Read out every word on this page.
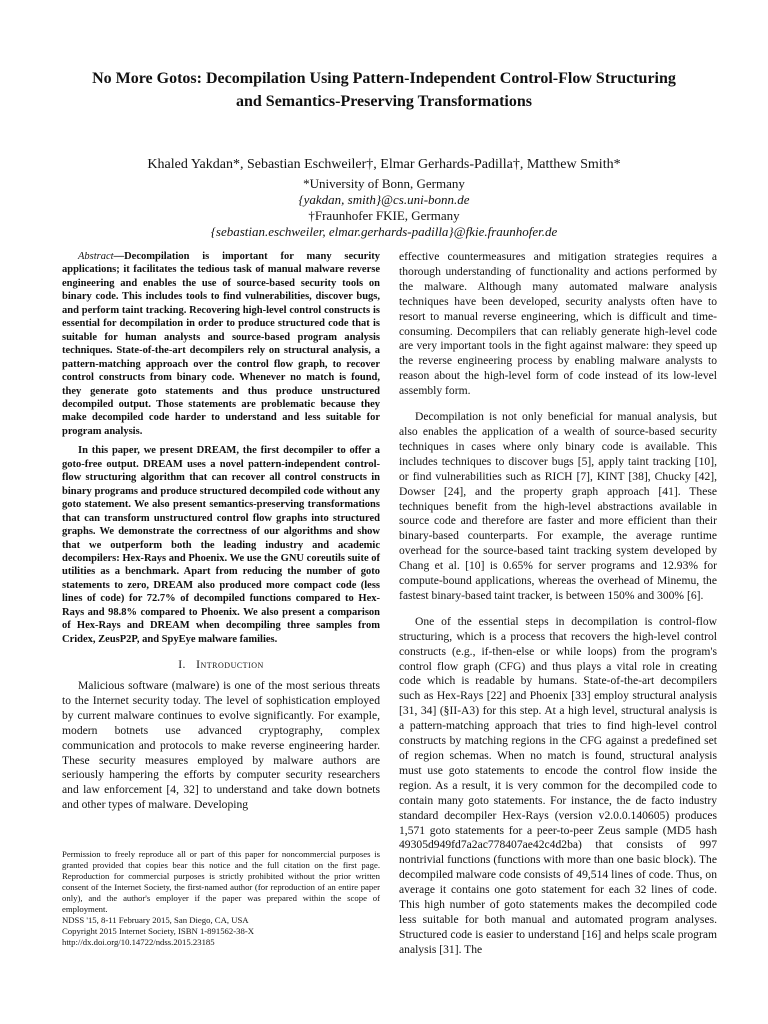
No More Gotos: Decompilation Using Pattern-Independent Control-Flow Structuring
and Semantics-Preserving Transformations
Khaled Yakdan*, Sebastian Eschweiler†, Elmar Gerhards-Padilla†, Matthew Smith*
*University of Bonn, Germany
{yakdan, smith}@cs.uni-bonn.de
†Fraunhofer FKIE, Germany
{sebastian.eschweiler, elmar.gerhards-padilla}@fkie.fraunhofer.de

Abstract—Decompilation is important for many security applications; it facilitates the tedious task of manual malware reverse engineering and enables the use of source-based security tools on binary code. This includes tools to find vulnerabilities, discover bugs, and perform taint tracking. Recovering high-level control constructs is essential for decompilation in order to produce structured code that is suitable for human analysts and source-based program analysis techniques. State-of-the-art decompilers rely on structural analysis, a pattern-matching approach over the control flow graph, to recover control constructs from binary code. Whenever no match is found, they generate goto statements and thus produce unstructured decompiled output. Those statements are problematic because they make decompiled code harder to understand and less suitable for program analysis.

In this paper, we present DREAM, the first decompiler to offer a goto-free output. DREAM uses a novel pattern-independent control-flow structuring algorithm that can recover all control constructs in binary programs and produce structured decompiled code without any goto statement. We also present semantics-preserving transformations that can transform unstructured control flow graphs into structured graphs. We demonstrate the correctness of our algorithms and show that we outperform both the leading industry and academic decompilers: Hex-Rays and Phoenix. We use the GNU coreutils suite of utilities as a benchmark. Apart from reducing the number of goto statements to zero, DREAM also produced more compact code (less lines of code) for 72.7% of decompiled functions compared to Hex-Rays and 98.8% compared to Phoenix. We also present a comparison of Hex-Rays and DREAM when decompiling three samples from Cridex, ZeusP2P, and SpyEye malware families.

I. Introduction

Malicious software (malware) is one of the most serious threats to the Internet security today. The level of sophistication employed by current malware continues to evolve significantly. For example, modern botnets use advanced cryptography, complex communication and protocols to make reverse engineering harder. These security measures employed by malware authors are seriously hampering the efforts by computer security researchers and law enforcement [4, 32] to understand and take down botnets and other types of malware. Developing

effective countermeasures and mitigation strategies requires a thorough understanding of functionality and actions performed by the malware. Although many automated malware analysis techniques have been developed, security analysts often have to resort to manual reverse engineering, which is difficult and time-consuming. Decompilers that can reliably generate high-level code are very important tools in the fight against malware: they speed up the reverse engineering process by enabling malware analysts to reason about the high-level form of code instead of its low-level assembly form.

Decompilation is not only beneficial for manual analysis, but also enables the application of a wealth of source-based security techniques in cases where only binary code is available. This includes techniques to discover bugs [5], apply taint tracking [10], or find vulnerabilities such as RICH [7], KINT [38], Chucky [42], Dowser [24], and the property graph approach [41]. These techniques benefit from the high-level abstractions available in source code and therefore are faster and more efficient than their binary-based counterparts. For example, the average runtime overhead for the source-based taint tracking system developed by Chang et al. [10] is 0.65% for server programs and 12.93% for compute-bound applications, whereas the overhead of Minemu, the fastest binary-based taint tracker, is between 150% and 300% [6].

One of the essential steps in decompilation is control-flow structuring, which is a process that recovers the high-level control constructs (e.g., if-then-else or while loops) from the program's control flow graph (CFG) and thus plays a vital role in creating code which is readable by humans. State-of-the-art decompilers such as Hex-Rays [22] and Phoenix [33] employ structural analysis [31, 34] (§II-A3) for this step. At a high level, structural analysis is a pattern-matching approach that tries to find high-level control constructs by matching regions in the CFG against a predefined set of region schemas. When no match is found, structural analysis must use goto statements to encode the control flow inside the region. As a result, it is very common for the decompiled code to contain many goto statements. For instance, the de facto industry standard decompiler Hex-Rays (version v2.0.0.140605) produces 1,571 goto statements for a peer-to-peer Zeus sample (MD5 hash 49305d949fd7a2ac778407ae42c4d2ba) that consists of 997 nontrivial functions (functions with more than one basic block). The decompiled malware code consists of 49,514 lines of code. Thus, on average it contains one goto statement for each 32 lines of code. This high number of goto statements makes the decompiled code less suitable for both manual and automated program analyses. Structured code is easier to understand [16] and helps scale program analysis [31]. The

Permission to freely reproduce all or part of this paper for noncommercial purposes is granted provided that copies bear this notice and the full citation on the first page. Reproduction for commercial purposes is strictly prohibited without the prior written consent of the Internet Society, the first-named author (for reproduction of an entire paper only), and the author's employer if the paper was prepared within the scope of employment.
NDSS '15, 8-11 February 2015, San Diego, CA, USA
Copyright 2015 Internet Society, ISBN 1-891562-38-X
http://dx.doi.org/10.14722/ndss.2015.23185
